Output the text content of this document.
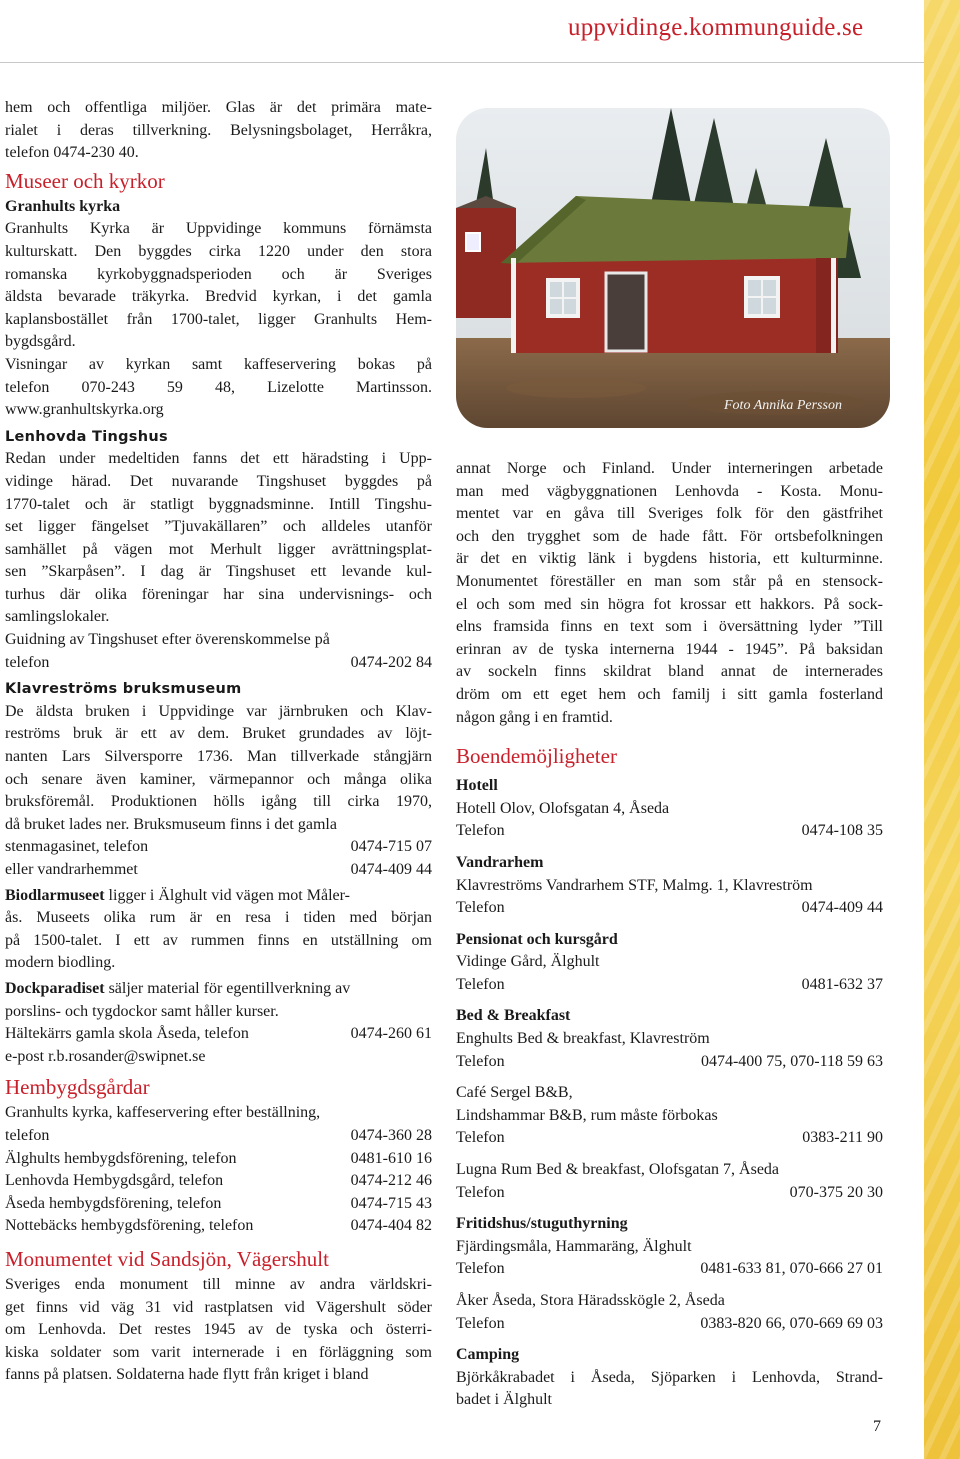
uppvidinge.kommunguide.se
hem och offentliga miljöer. Glas är det primära mate-
rialet i deras tillverkning. Belysningsbolaget, Herråkra,
telefon 0474-230 40.
Museer och kyrkor

Granhults kyrka

Granhults Kyrka är Uppvidinge kommuns förnämsta
kulturskatt. Den byggdes cirka 1220 under den stora
romanska kyrkobyggnadsperioden och är Sveriges
äldsta bevarade träkyrka. Bredvid kyrkan, i det gamla
kaplansbostället från 1700-talet, ligger Granhults Hem-
bygdsgård.
Visningar av kyrkan samt kaffeservering bokas på
telefon 070-243 59 48, Lizelotte Martinsson.
www.granhultskyrka.org
Lenhovda Tingshus
Redan under medeltiden fanns det ett häradsting i Upp-
vidinge härad. Det nuvarande Tingshuset byggdes på
1770-talet och är statligt byggnadsminne. Intill Tingshu-
set ligger fängelset ”Tjuvakällaren” och alldeles utanför
samhället på vägen mot Merhult ligger avrättningsplat-
sen ”Skarpåsen”. I dag är Tingshuset ett levande kul-
turhus där olika föreningar har sina undervisnings- och
samlingslokaler.
Guidning av Tingshuset efter överenskommelse på
telefon	0474-202 84
Klavreströms bruksmuseum
De äldsta bruken i Uppvidinge var järnbruken och Klav-
reströms bruk är ett av dem. Bruket grundades av löjt-
nanten Lars Silversporre 1736. Man tillverkade stångjärn
och senare även kaminer, värmepannor och många olika
bruksföremål. Produktionen hölls igång till cirka 1970,
då bruket lades ner. Bruksmuseum finns i det gamla
stenmagasinet, telefon	0474-715 07
eller vandrarhemmet	0474-409 44

Biodlarmuseet ligger i Älghult vid vägen mot Måler-

ås. Museets olika rum är en resa i tiden med början
på 1500-talet. I ett av rummen finns en utställning om
modern biodling.

Dockparadiset säljer material för egentillverkning av

porslins- och tygdockor samt håller kurser.
Hältekärrs gamla skola Åseda, telefon	0474-260 61

e-post r.b.rosander@swipnet.se

Hembygdsgårdar

Granhults kyrka, kaffeservering efter beställning,

telefon	0474-360 28
Älghults hembygdsförening, telefon	0481-610 16
Lenhovda Hembygdsgård, telefon	0474-212 46
Åseda hembygdsförening, telefon	0474-715 43
Nottebäcks hembygdsförening, telefon	0474-404 82
Monumentet vid Sandsjön, Vägershult
Sveriges enda monument till minne av andra världskri-
get finns vid väg 31 vid rastplatsen vid Vägershult söder
om Lenhovda. Det restes 1945 av de tyska och österri-
kiska soldater som varit internerade i en förläggning som
fanns på platsen. Soldaterna hade flytt från kriget i bland
Foto Annika Persson
annat Norge och Finland. Under interneringen arbetade
man med vägbyggnationen Lenhovda - Kosta. Monu-
mentet var en gåva till Sveriges folk för den gästfrihet
och den trygghet som de hade fått. För ortsbefolkningen
är det en viktig länk i bygdens historia, ett kulturminne.
Monumentet föreställer en man som står på en stensock-
el och som med sin högra fot krossar ett hakkors. På sock-
elns framsida finns en text som i översättning lyder ”Till
erinran av de tyska internerna 1944 - 1945”. På baksidan
av sockeln finns skildrat bland annat de internerades
dröm om ett eget hem och familj i sitt gamla fosterland
någon gång i en framtid.
Boendemöjligheter

Hotell

Hotell Olov, Olofsgatan 4, Åseda

Telefon	0474-108 35

Vandrarhem

Klavreströms Vandrarhem STF, Malmg. 1, Klavreström

Telefon	0474-409 44

Pensionat och kursgård

Vidinge Gård, Älghult

Telefon	0481-632 37

Bed & Breakfast

Enghults Bed & breakfast, Klavreström

Telefon	0474-400 75, 070-118 59 63

Café Sergel B&B,

Lindshammar B&B, rum måste förbokas

Telefon	0383-211 90

Lugna Rum Bed & breakfast, Olofsgatan 7, Åseda

Telefon	070-375 20 30

Fritidshus/stuguthyrning

Fjärdingsmåla, Hammaräng, Älghult

Telefon	0481-633 81, 070-666 27 01

Åker Åseda, Stora Häradsskögle 2, Åseda

Telefon	0383-820 66, 070-669 69 03

Camping

Björkåkrabadet i Åseda, Sjöparken i Lenhovda, Strand-
badet i Älghult
7
